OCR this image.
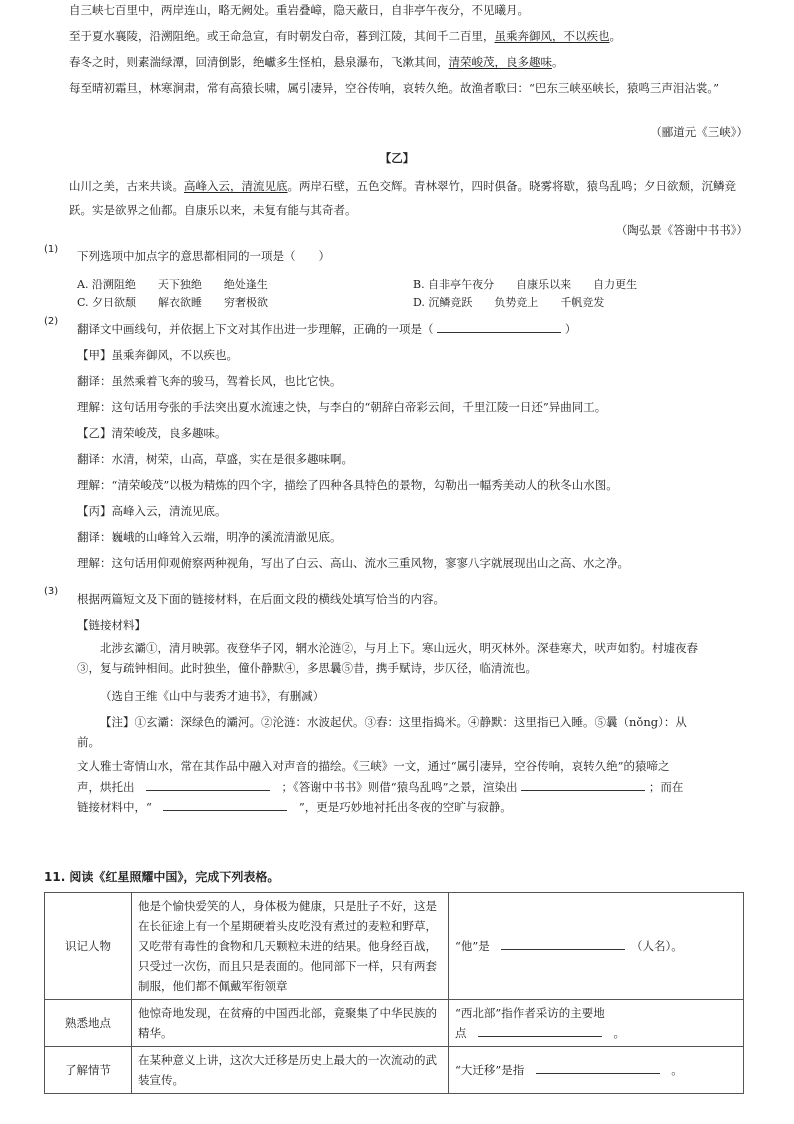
自三峡七百里中，两岸连山，略无阙处。重岩叠嶂，隐天蔽日，自非亭午夜分，不见曦月。

至于夏水襄陵，沿溯阻绝。或王命急宣，有时朝发白帝，暮到江陵，其间千二百里，虽乘奔御风，不以疾也。

春冬之时，则素湍绿潭，回清倒影，绝巘多生怪柏，悬泉瀑布，飞漱其间，清荣峻茂，良多趣味。

每至晴初霜旦，林寒涧肃，常有高猿长啸，属引凄异，空谷传响，哀转久绝。故渔者歌曰：“巴东三峡巫峡长，猿鸣三声泪沾裳。”

（郦道元《三峡》）

【乙】

山川之美，古来共谈。高峰入云，清流见底。两岸石壁，五色交辉。青林翠竹，四时俱备。晓雾将歇，猿鸟乱鸣；夕日欲颓，沉鳞竞跃。实是欲界之仙都。自康乐以来，未复有能与其奇者。

（陶弘景《答谢中书书》）

(1) 下列选项中加点字的意思都相同的一项是（　　）

A. 沿溯阻绝　　天下独绝　　绝处逢生	B. 自非亭午夜分　　自康乐以来　　自力更生
C. 夕日欲颓　　解衣欲睡　　穷奢极欲	D. 沉鳞竞跃　　负势竞上　　千帆竞发
(2)

翻译文中画线句，并依据上下文对其作出进一步理解，正确的一项是（	）

【甲】虽乘奔御风，不以疾也。

翻译：虽然乘着飞奔的骏马，驾着长风，也比它快。

理解：这句话用夸张的手法突出夏水流速之快，与李白的“朝辞白帝彩云间，千里江陵一日还”异曲同工。

【乙】清荣峻茂，良多趣味。

翻译：水清，树荣，山高，草盛，实在是很多趣味啊。

理解：“清荣峻茂”以极为精炼的四个字，描绘了四种各具特色的景物，勾勒出一幅秀美动人的秋冬山水图。

【丙】高峰入云，清流见底。

翻译：巍峨的山峰耸入云端，明净的溪流清澈见底。

理解：这句话用仰观俯察两种视角，写出了白云、高山、流水三重风物，寥寥八字就展现出山之高、水之净。

(3)

根据两篇短文及下面的链接材料，在后面文段的横线处填写恰当的内容。

【链接材料】

北涉玄灞①，清月映郭。夜登华子冈，辋水沦涟②，与月上下。寒山远火，明灭林外。深巷寒犬，吠声如豹。村墟夜舂

③，复与疏钟相间。此时独坐，僮仆静默④，多思曩⑤昔，携手赋诗，步仄径，临清流也。

（选自王维《山中与裴秀才迪书》，有删减）

【注】①玄灞：深绿色的灞河。②沦涟：水波起伏。③舂：这里指捣米。④静默：这里指已入睡。⑤曩（nǒng）：从

前。

文人雅士寄情山水，常在其作品中融入对声音的描绘。《三峡》一文，通过“属引凄异，空谷传响，哀转久绝”的猿啼之

声，烘托出　　	；《答谢中书书》则借“猿鸟乱鸣”之景，渲染出	；而在

链接材料中，“　　	”，更是巧妙地衬托出冬夜的空旷与寂静。

11. 阅读《红星照耀中国》，完成下列表格。

识记人物	他是个愉快爱笑的人，身体极为健康，只是肚子不好，这是在长征途上有一个星期硬着头皮吃没有煮过的麦粒和野草，又吃带有毒性的食物和几天颗粒未进的结果。他身经百战，只受过一次伤，而且只是表面的。他同部下一样，只有两套制服，他们都不佩戴军衔领章	“他”是　　 （人名）。
熟悉地点	他惊奇地发现，在贫瘠的中国西北部，竟聚集了中华民族的精华。	“西北部”指作者采访的主要地
点　　 。
了解情节	在某种意义上讲，这次大迁移是历史上最大的一次流动的武装宣传。	“大迁移”是指　　 。
